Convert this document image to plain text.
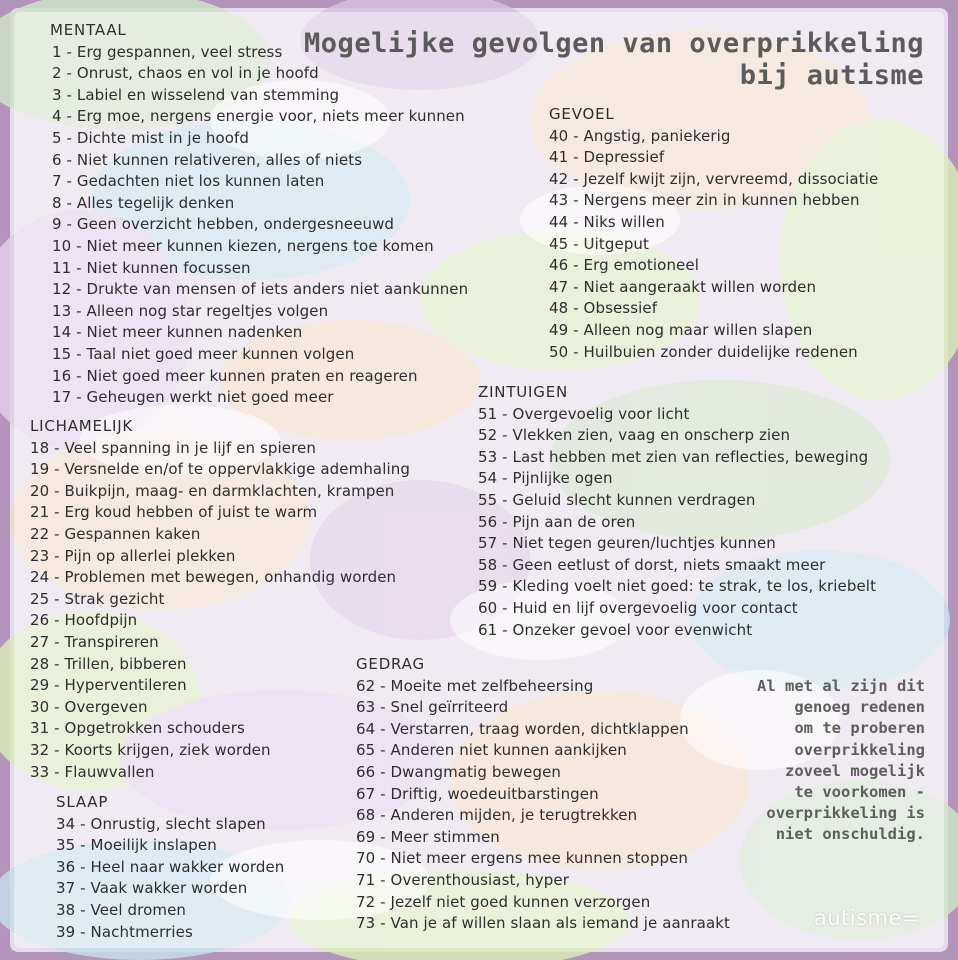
Mogelijke gevolgen van overprikkeling
bij autisme
MENTAAL
1 - Erg gespannen, veel stress
2 - Onrust, chaos en vol in je hoofd
3 - Labiel en wisselend van stemming
4 - Erg moe, nergens energie voor, niets meer kunnen
5 - Dichte mist in je hoofd
6 - Niet kunnen relativeren, alles of niets
7 - Gedachten niet los kunnen laten
8 - Alles tegelijk denken
9 - Geen overzicht hebben, ondergesneeuwd
10 - Niet meer kunnen kiezen, nergens toe komen
11 - Niet kunnen focussen
12 - Drukte van mensen of iets anders niet aankunnen
13 - Alleen nog star regeltjes volgen
14 - Niet meer kunnen nadenken
15 - Taal niet goed meer kunnen volgen
16 - Niet goed meer kunnen praten en reageren
17 - Geheugen werkt niet goed meer
GEVOEL
40 - Angstig, paniekerig
41 - Depressief
42 - Jezelf kwijt zijn, vervreemd, dissociatie
43 - Nergens meer zin in kunnen hebben
44 - Niks willen
45 - Uitgeput
46 - Erg emotioneel
47 - Niet aangeraakt willen worden
48 - Obsessief
49 - Alleen nog maar willen slapen
50 - Huilbuien zonder duidelijke redenen
ZINTUIGEN
51 - Overgevoelig voor licht
52 - Vlekken zien, vaag en onscherp zien
53 - Last hebben met zien van reflecties, beweging
54 - Pijnlijke ogen
55 - Geluid slecht kunnen verdragen
56 - Pijn aan de oren
57 - Niet tegen geuren/luchtjes kunnen
58 - Geen eetlust of dorst, niets smaakt meer
59 - Kleding voelt niet goed: te strak, te los, kriebelt
60 - Huid en lijf overgevoelig voor contact
61 - Onzeker gevoel voor evenwicht
LICHAMELIJK
18 - Veel spanning in je lijf en spieren
19 - Versnelde en/of te oppervlakkige ademhaling
20 - Buikpijn, maag- en darmklachten, krampen
21 - Erg koud hebben of juist te warm
22 - Gespannen kaken
23 - Pijn op allerlei plekken
24 - Problemen met bewegen, onhandig worden
25 - Strak gezicht
26 - Hoofdpijn
27 - Transpireren
28 - Trillen, bibberen
29 - Hyperventileren
30 - Overgeven
31 - Opgetrokken schouders
32 - Koorts krijgen, ziek worden
33 - Flauwvallen
SLAAP
34 - Onrustig, slecht slapen
35 - Moeilijk inslapen
36 - Heel naar wakker worden
37 - Vaak wakker worden
38 - Veel dromen
39 - Nachtmerries
GEDRAG
62 - Moeite met zelfbeheersing
63 - Snel geïrriteerd
64 - Verstarren, traag worden, dichtklappen
65 - Anderen niet kunnen aankijken
66 - Dwangmatig bewegen
67 - Driftig, woedeuitbarstingen
68 - Anderen mijden, je terugtrekken
69 - Meer stimmen
70 - Niet meer ergens mee kunnen stoppen
71 - Overenthousiast, hyper
72 - Jezelf niet goed kunnen verzorgen
73 - Van je af willen slaan als iemand je aanraakt
Al met al zijn dit
genoeg redenen
om te proberen
overprikkeling
zoveel mogelijk
te voorkomen -
overprikkeling is
niet onschuldig.
autisme=
